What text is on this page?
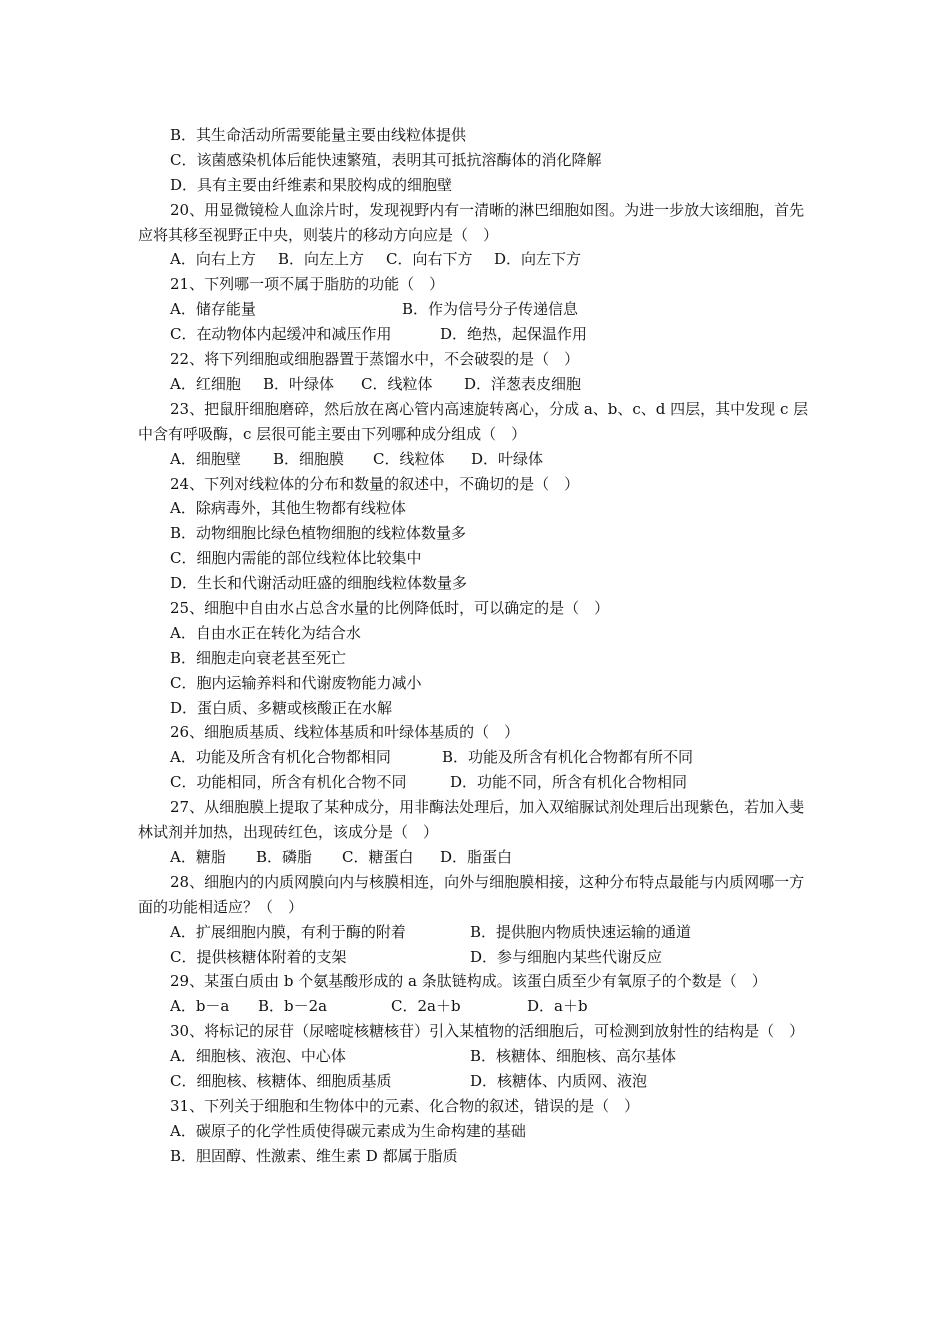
B．其生命活动所需要能量主要由线粒体提供
C．该菌感染机体后能快速繁殖，表明其可抵抗溶酶体的消化降解
D．具有主要由纤维素和果胶构成的细胞壁
20、用显微镜检人血涂片时，发现视野内有一清晰的淋巴细胞如图。为进一步放大该细胞，首先应将其移至视野正中央，则装片的移动方向应是（　）
A．向右上方	B．向左上方	C．向右下方	D．向左下方
21、下列哪一项不属于脂肪的功能（　）
A．储存能量	B．作为信号分子传递信息
C．在动物体内起缓冲和减压作用	D．绝热，起保温作用
22、将下列细胞或细胞器置于蒸馏水中，不会破裂的是（　）
A．红细胞	B．叶绿体	C．线粒体	D．洋葱表皮细胞
23、把鼠肝细胞磨碎，然后放在离心管内高速旋转离心，分成 a、b、c、d 四层，其中发现 c 层中含有呼吸酶，c 层很可能主要由下列哪种成分组成（　）
A．细胞壁	B．细胞膜	C．线粒体	D．叶绿体
24、下列对线粒体的分布和数量的叙述中，不确切的是（　）
A．除病毒外，其他生物都有线粒体
B．动物细胞比绿色植物细胞的线粒体数量多
C．细胞内需能的部位线粒体比较集中
D．生长和代谢活动旺盛的细胞线粒体数量多
25、细胞中自由水占总含水量的比例降低时，可以确定的是（　）
A．自由水正在转化为结合水
B．细胞走向衰老甚至死亡
C．胞内运输养料和代谢废物能力减小
D．蛋白质、多糖或核酸正在水解
26、细胞质基质、线粒体基质和叶绿体基质的（　）
A．功能及所含有机化合物都相同	B．功能及所含有机化合物都有所不同
C．功能相同，所含有机化合物不同	D．功能不同，所含有机化合物相同
27、从细胞膜上提取了某种成分，用非酶法处理后，加入双缩脲试剂处理后出现紫色，若加入斐林试剂并加热，出现砖红色，该成分是（　）
A．糖脂	B．磷脂	C．糖蛋白	D．脂蛋白
28、细胞内的内质网膜向内与核膜相连，向外与细胞膜相接，这种分布特点最能与内质网哪一方面的功能相适应？（　）
A．扩展细胞内膜，有利于酶的附着	B．提供胞内物质快速运输的通道
C．提供核糖体附着的支架	D．参与细胞内某些代谢反应
29、某蛋白质由 b 个氨基酸形成的 a 条肽链构成。该蛋白质至少有氧原子的个数是（　）
A．b－a	B．b－2a	C．2a＋b	D．a＋b
30、将标记的尿苷（尿嘧啶核糖核苷）引入某植物的活细胞后，可检测到放射性的结构是（　）
A．细胞核、液泡、中心体	B．核糖体、细胞核、高尔基体
C．细胞核、核糖体、细胞质基质	D．核糖体、内质网、液泡
31、下列关于细胞和生物体中的元素、化合物的叙述，错误的是（　）
A．碳原子的化学性质使得碳元素成为生命构建的基础
B．胆固醇、性激素、维生素 D 都属于脂质
